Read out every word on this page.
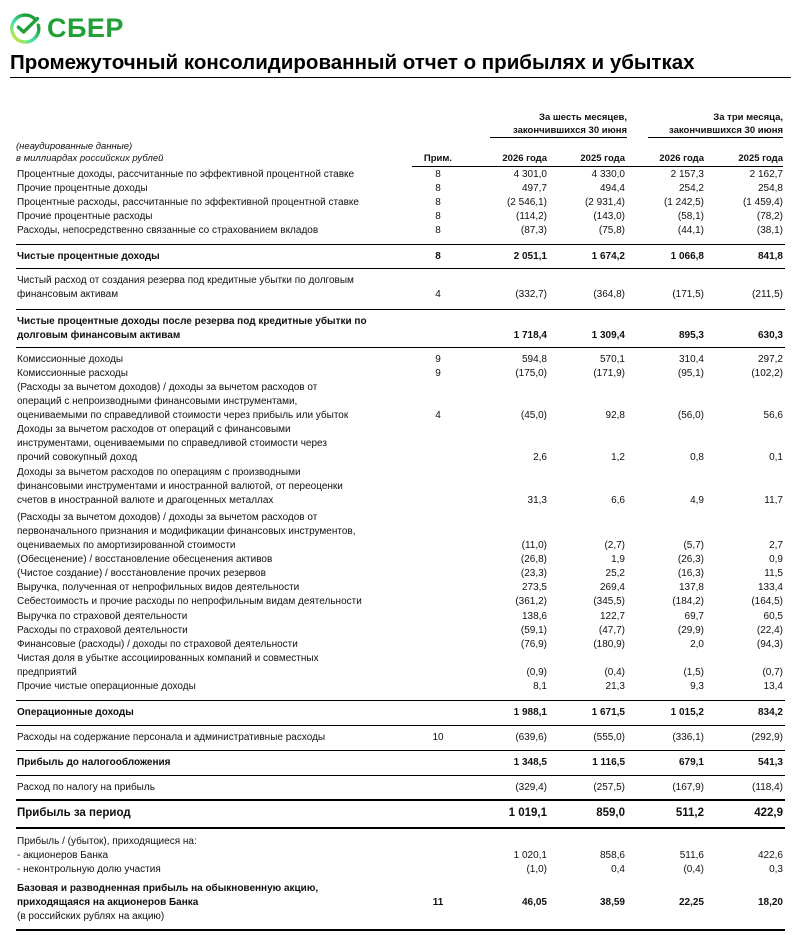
СБЕР
Промежуточный консолидированный отчет о прибылях и убытках
За шесть месяцев,
закончившихся 30 июня
За три месяца,
закончившихся 30 июня
(неаудированные данные)
в миллиардах российских рублей	Прим.	2026 года	2025 года	2026 года	2025 года
Процентные доходы, рассчитанные по эффективной процентной ставке	8	4 301,0	4 330,0	2 157,3	2 162,7
Прочие процентные доходы	8	497,7	494,4	254,2	254,8
Процентные расходы, рассчитанные по эффективной процентной ставке	8	(2 546,1)	(2 931,4)	(1 242,5)	(1 459,4)
Прочие процентные расходы	8	(114,2)	(143,0)	(58,1)	(78,2)
Расходы, непосредственно связанные со страхованием вкладов	8	(87,3)	(75,8)	(44,1)	(38,1)
Чистые процентные доходы	8	2 051,1	1 674,2	1 066,8	841,8
Чистый расход от создания резерва под кредитные убытки по долговым
финансовым активам	4	(332,7)	(364,8)	(171,5)	(211,5)
Чистые процентные доходы после резерва под кредитные убытки по
долговым финансовым активам	1 718,4	1 309,4	895,3	630,3
Комиссионные доходы	9	594,8	570,1	310,4	297,2
Комиссионные расходы	9	(175,0)	(171,9)	(95,1)	(102,2)
(Расходы за вычетом доходов) / доходы за вычетом расходов от
операций с непроизводными финансовыми инструментами,
оцениваемыми по справедливой стоимости через прибыль или убыток	4	(45,0)	92,8	(56,0)	56,6
Доходы за вычетом расходов от операций с финансовыми
инструментами, оцениваемыми по справедливой стоимости через
прочий совокупный доход	2,6	1,2	0,8	0,1
Доходы за вычетом расходов по операциям с производными
финансовыми инструментами и иностранной валютой, от переоценки
счетов в иностранной валюте и драгоценных металлах	31,3	6,6	4,9	11,7
(Расходы за вычетом доходов) / доходы за вычетом расходов от
первоначального признания и модификации финансовых инструментов,
оцениваемых по амортизированной стоимости	(11,0)	(2,7)	(5,7)	2,7
(Обесценение) / восстановление обесценения активов	(26,8)	1,9	(26,3)	0,9
(Чистое создание) / восстановление прочих резервов	(23,3)	25,2	(16,3)	11,5
Выручка, полученная от непрофильных видов деятельности	273,5	269,4	137,8	133,4
Себестоимость и прочие расходы по непрофильным видам деятельности	(361,2)	(345,5)	(184,2)	(164,5)
Выручка по страховой деятельности	138,6	122,7	69,7	60,5
Расходы по страховой деятельности	(59,1)	(47,7)	(29,9)	(22,4)
Финансовые (расходы) / доходы по страховой деятельности	(76,9)	(180,9)	2,0	(94,3)
Чистая доля в убытке ассоциированных компаний и совместных
предприятий	(0,9)	(0,4)	(1,5)	(0,7)
Прочие чистые операционные доходы	8,1	21,3	9,3	13,4
Операционные доходы	1 988,1	1 671,5	1 015,2	834,2
Расходы на содержание персонала и административные расходы	10	(639,6)	(555,0)	(336,1)	(292,9)
Прибыль до налогообложения	1 348,5	1 116,5	679,1	541,3
Расход по налогу на прибыль	(329,4)	(257,5)	(167,9)	(118,4)
Прибыль за период	1 019,1	859,0	511,2	422,9
Прибыль / (убыток), приходящиеся на:
- акционеров Банка	1 020,1	858,6	511,6	422,6
- неконтрольную долю участия	(1,0)	0,4	(0,4)	0,3
Базовая и разводненная прибыль на обыкновенную акцию,
приходящаяся на акционеров Банка	11	46,05	38,59	22,25	18,20
(в российских рублях на акцию)
